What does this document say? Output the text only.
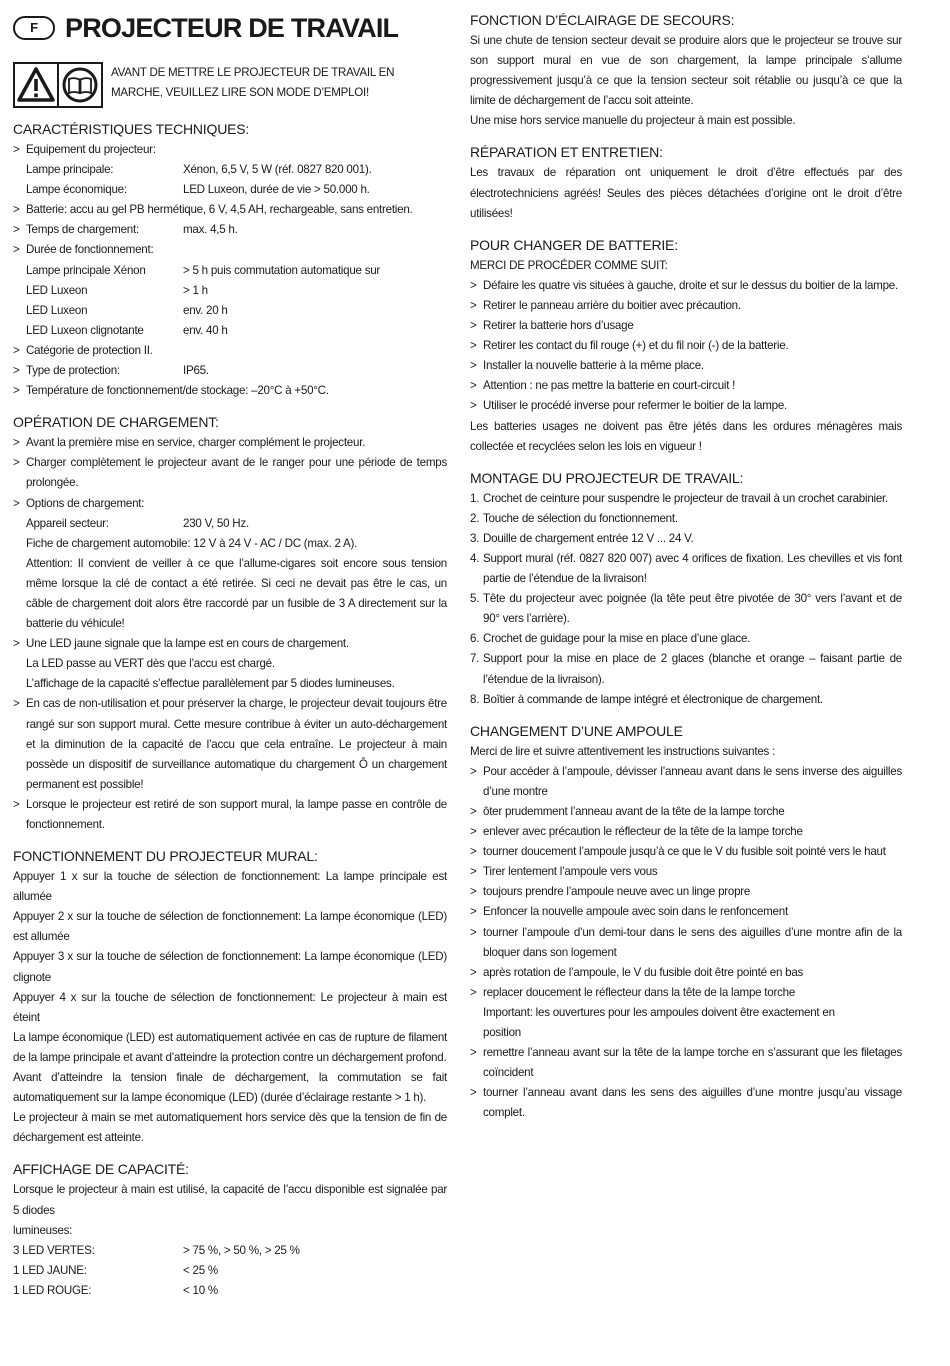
F	PROJECTEUR DE TRAVAIL
AVANT DE METTRE LE PROJECTEUR DE TRAVAIL EN MARCHE, VEUILLEZ LIRE SON MODE D’EMPLOI!
CARACTÉRISTIQUES TECHNIQUES:
> Equipement du projecteur:
Lampe principale:	Xénon, 6,5 V, 5 W (réf. 0827 820 001).
Lampe économique:	LED Luxeon, durée de vie > 50.000 h.
> Batterie: accu au gel PB hermétique, 6 V, 4,5 AH, rechargeable, sans entretien.
> Temps de chargement:	max. 4,5 h.
> Durée de fonctionnement:
Lampe principale Xénon	> 5 h puis commutation automatique sur
LED Luxeon	> 1 h
LED Luxeon	env. 20 h
LED Luxeon clignotante	env. 40 h
> Catégorie de protection II.
> Type de protection:	IP65.
> Température de fonctionnement/de stockage: –20°C à +50°C.
OPÉRATION DE CHARGEMENT:
> Avant la première mise en service, charger complément le projecteur.
> Charger complètement le projecteur avant de le ranger pour une période de temps prolongée.
> Options de chargement:
Appareil secteur:	230 V, 50 Hz.

Fiche de chargement automobile: 12 V à 24 V - AC / DC (max. 2 A).

Attention: Il convient de veiller à ce que l’allume-cigares soit encore sous tension même lorsque la clé de contact a été retirée. Si ceci ne devait pas être le cas, un câble de chargement doit alors être raccordé par un fusible de 3 A directement sur la batterie du véhicule!

> Une LED jaune signale que la lampe est en cours de chargement.

La LED passe au VERT dès que l’accu est chargé.

L’affichage de la capacité s’effectue parallèlement par 5 diodes lumineuses.

> En cas de non-utilisation et pour préserver la charge, le projecteur devait toujours être rangé sur son support mural. Cette mesure contribue à éviter un auto-déchargement et la diminution de la capacité de l’accu que cela entraîne. Le projecteur à main possède un dispositif de surveillance automatique du chargement Ô un chargement permanent est possible!
> Lorsque le projecteur est retiré de son support mural, la lampe passe en contrôle de fonctionnement.
FONCTIONNEMENT DU PROJECTEUR MURAL:

Appuyer 1 x sur la touche de sélection de fonctionnement: La lampe principale est allumée

Appuyer 2 x sur la touche de sélection de fonctionnement: La lampe économique (LED) est allumée

Appuyer 3 x sur la touche de sélection de fonctionnement: La lampe économique (LED) clignote

Appuyer 4 x sur la touche de sélection de fonctionnement: Le projecteur à main est éteint

La lampe économique (LED) est automatiquement activée en cas de rupture de filament de la lampe principale et avant d’atteindre la protection contre un déchargement profond.

Avant d’atteindre la tension finale de déchargement, la commutation se fait automatiquement sur la lampe économique (LED) (durée d’éclairage restante > 1 h).

Le projecteur à main se met automatiquement hors service dès que la tension de fin de déchargement est atteinte.

AFFICHAGE DE CAPACITÉ:

Lorsque le projecteur à main est utilisé, la capacité de l’accu disponible est signalée par 5 diodes

lumineuses:

3 LED VERTES:	> 75 %, > 50 %, > 25 %
1 LED JAUNE:	< 25 %
1 LED ROUGE:	< 10 %
FONCTION D’ÉCLAIRAGE DE SECOURS:

Si une chute de tension secteur devait se produire alors que le projecteur se trouve sur son support mural en vue de son chargement, la lampe principale s’allume progressivement jusqu’à ce que la tension secteur soit rétablie ou jusqu’à ce que la limite de déchargement de l’accu soit atteinte.

Une mise hors service manuelle du projecteur à main est possible.

RÉPARATION ET ENTRETIEN:

Les travaux de réparation ont uniquement le droit d’être effectués par des électrotechniciens agréés! Seules des pièces détachées d’origine ont le droit d’être utilisées!

POUR CHANGER DE BATTERIE:
MERCI DE PROCÉDER COMME SUIT:
> Défaire les quatre vis situées à gauche, droite et sur le dessus du boitier de la lampe.
> Retirer le panneau arrière du boitier avec précaution.
> Retirer la batterie hors d’usage
> Retirer les contact du fil rouge (+) et du fil noir (-) de la batterie.
> Installer la nouvelle batterie à la même place.
> Attention : ne pas mettre la batterie en court-circuit !
> Utiliser le procédé inverse pour refermer le boitier de la lampe.

Les batteries usages ne doivent pas être jétés dans les ordures ménagères mais collectée et recyclées selon les lois en vigueur !

MONTAGE DU PROJECTEUR DE TRAVAIL:
1. Crochet de ceinture pour suspendre le projecteur de travail à un crochet carabinier.
2. Touche de sélection du fonctionnement.
3. Douille de chargement entrée 12 V ... 24 V.
4. Support mural (réf. 0827 820 007) avec 4 orifices de fixation. Les chevilles et vis font partie de l’étendue de la livraison!
5. Tête du projecteur avec poignée (la tête peut être pivotée de 30° vers l’avant et de 90° vers l’arrière).
6. Crochet de guidage pour la mise en place d’une glace.
7. Support pour la mise en place de 2 glaces (blanche et orange – faisant partie de l’étendue de la livraison).
8. Boîtier à commande de lampe intégré et électronique de chargement.
CHANGEMENT D’UNE AMPOULE

Merci de lire et suivre attentivement les instructions suivantes :

> Pour accéder à l’ampoule, dévisser l’anneau avant dans le sens inverse des aiguilles d’une montre
> ôter prudemment l’anneau avant de la tête de la lampe torche
> enlever avec précaution le réflecteur de la tête de la lampe torche
> tourner doucement l’ampoule jusqu’à ce que le V du fusible soit pointé vers le haut
> Tirer lentement l’ampoule vers vous
> toujours prendre l’ampoule neuve avec un linge propre
> Enfoncer la nouvelle ampoule avec soin dans le renfoncement
> tourner l’ampoule d’un demi-tour dans le sens des aiguilles d’une montre afin de la bloquer dans son logement
> après rotation de l’ampoule, le V du fusible doit être pointé en bas
> replacer doucement le réflecteur dans la tête de la lampe torche

Important: les ouvertures pour les ampoules doivent être exactement en

position

> remettre l’anneau avant sur la tête de la lampe torche en s’assurant que les filetages coïncident
> tourner l’anneau avant dans les sens des aiguilles d’une montre jusqu’au vissage complet.
